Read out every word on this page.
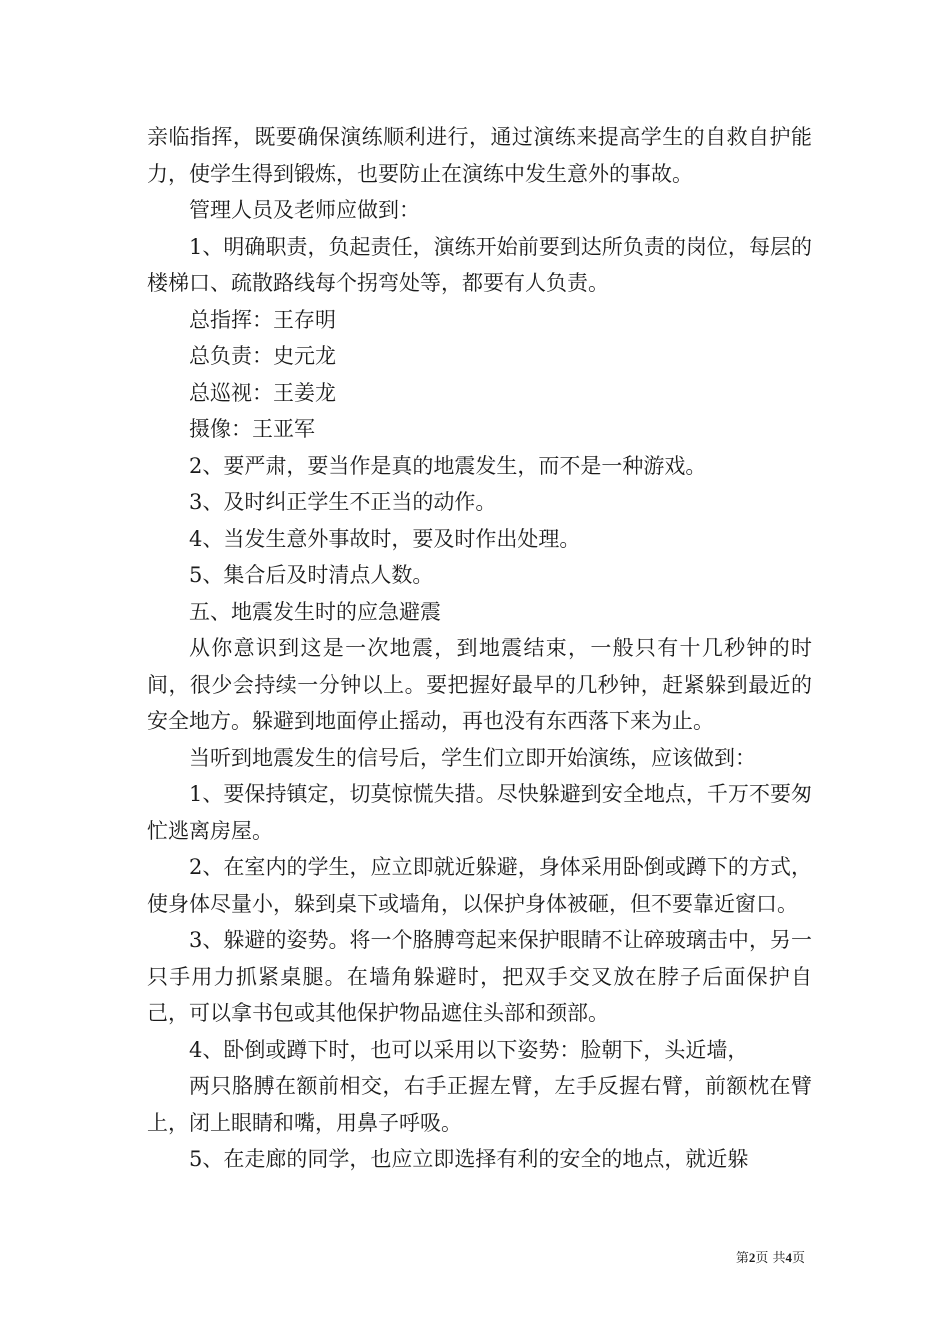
亲临指挥，既要确保演练顺利进行，通过演练来提高学生的自救自护能力，使学生得到锻炼，也要防止在演练中发生意外的事故。

管理人员及老师应做到：

1、明确职责，负起责任，演练开始前要到达所负责的岗位，每层的楼梯口、疏散路线每个拐弯处等，都要有人负责。

总指挥：王存明

总负责：史元龙

总巡视：王姜龙

摄像：王亚军

2、要严肃，要当作是真的地震发生，而不是一种游戏。

3、及时纠正学生不正当的动作。

4、当发生意外事故时，要及时作出处理。

5、集合后及时清点人数。

五、地震发生时的应急避震

从你意识到这是一次地震，到地震结束，一般只有十几秒钟的时间，很少会持续一分钟以上。要把握好最早的几秒钟，赶紧躲到最近的安全地方。躲避到地面停止摇动，再也没有东西落下来为止。

当听到地震发生的信号后，学生们立即开始演练，应该做到：

1、要保持镇定，切莫惊慌失措。尽快躲避到安全地点，千万不要匆忙逃离房屋。

2、在室内的学生，应立即就近躲避，身体采用卧倒或蹲下的方式，使身体尽量小，躲到桌下或墙角，以保护身体被砸，但不要靠近窗口。

3、躲避的姿势。将一个胳膊弯起来保护眼睛不让碎玻璃击中，另一只手用力抓紧桌腿。在墙角躲避时，把双手交叉放在脖子后面保护自己，可以拿书包或其他保护物品遮住头部和颈部。

4、卧倒或蹲下时，也可以采用以下姿势：脸朝下，头近墙，

两只胳膊在额前相交，右手正握左臂，左手反握右臂，前额枕在臂上，闭上眼睛和嘴，用鼻子呼吸。

5、在走廊的同学，也应立即选择有利的安全的地点，就近躲

第2页 共4页
